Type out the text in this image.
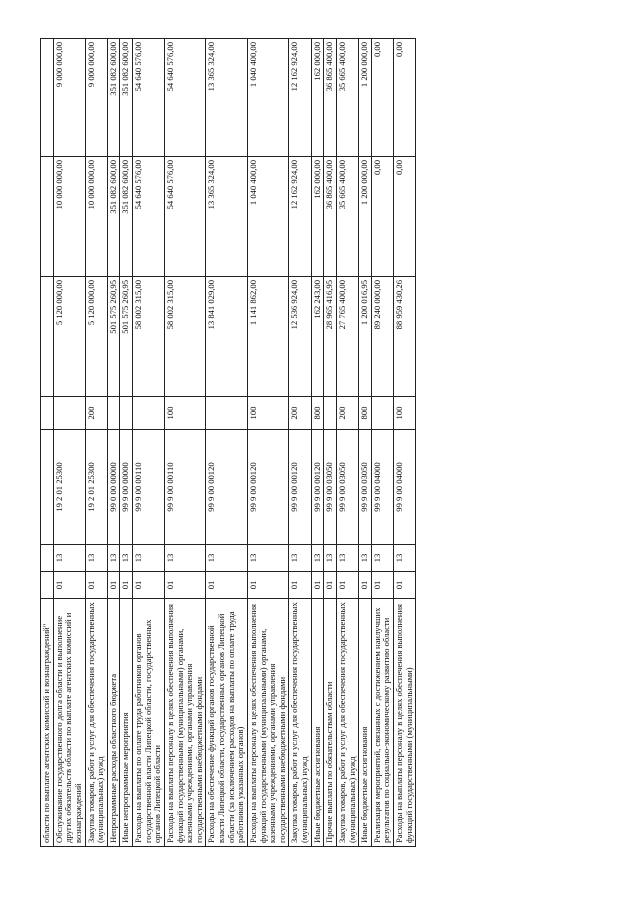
области по выплате агентских комиссий и вознаграждений"							
Обслуживание государственного долга области и выполнение других обязательств области по выплате агентских комиссий и вознаграждений	01	13	19 2 01 25300		5 120 000,00	10 000 000,00	9 000 000,00
Закупка товаров, работ и услуг для обеспечения государственных (муниципальных) нужд	01	13	19 2 01 25300	200	5 120 000,00	10 000 000,00	9 000 000,00
Непрограммные расходы областного бюджета	01	13	99 0 00 00000		501 575 260,95	351 082 600,00	351 082 600,00
Иные непрограммные мероприятия	01	13	99 9 00 00000		501 575 260,95	351 082 600,00	351 082 600,00
Расходы на выплаты по оплате труда работников органов государственной власти Липецкой области, государственных органов Липецкой области	01	13	99 9 00 00110		58 002 315,00	54 640 576,00	54 640 576,00
Расходы на выплаты персоналу в целях обеспечения выполнения функций государственными (муниципальными) органами, казенными учреждениями, органами управления государственными внебюджетными фондами	01	13	99 9 00 00110	100	58 002 315,00	54 640 576,00	54 640 576,00
Расходы на обеспечение функций органов государственной власти Липецкой области, государственных органов Липецкой области (за исключением расходов на выплаты по оплате труда работников указанных органов)	01	13	99 9 00 00120		13 841 029,00	13 365 324,00	13 365 324,00
Расходы на выплаты персоналу в целях обеспечения выполнения функций государственными (муниципальными) органами, казенными учреждениями, органами управления государственными внебюджетными фондами	01	13	99 9 00 00120	100	1 141 862,00	1 040 400,00	1 040 400,00
Закупка товаров, работ и услуг для обеспечения государственных (муниципальных) нужд	01	13	99 9 00 00120	200	12 536 924,00	12 162 924,00	12 162 924,00
Иные бюджетные ассигнования	01	13	99 9 00 00120	800	162 243,00	162 000,00	162 000,00
Прочие выплаты по обязательствам области	01	13	99 9 00 03050		28 965 416,95	36 865 400,00	36 865 400,00
Закупка товаров, работ и услуг для обеспечения государственных (муниципальных) нужд	01	13	99 9 00 03050	200	27 765 400,00	35 665 400,00	35 665 400,00
Иные бюджетные ассигнования	01	13	99 9 00 03050	800	1 200 016,95	1 200 000,00	1 200 000,00
Реализация мероприятий, связанных с достижением наилучших результатов по социально-экономическому развитию области	01	13	99 9 00 04000		89 240 000,00	0,00	0,00
Расходы на выплаты персоналу в целях обеспечения выполнения функций государственными (муниципальными)	01	13	99 9 00 04000	100	88 959 430,26	0,00	0,00
